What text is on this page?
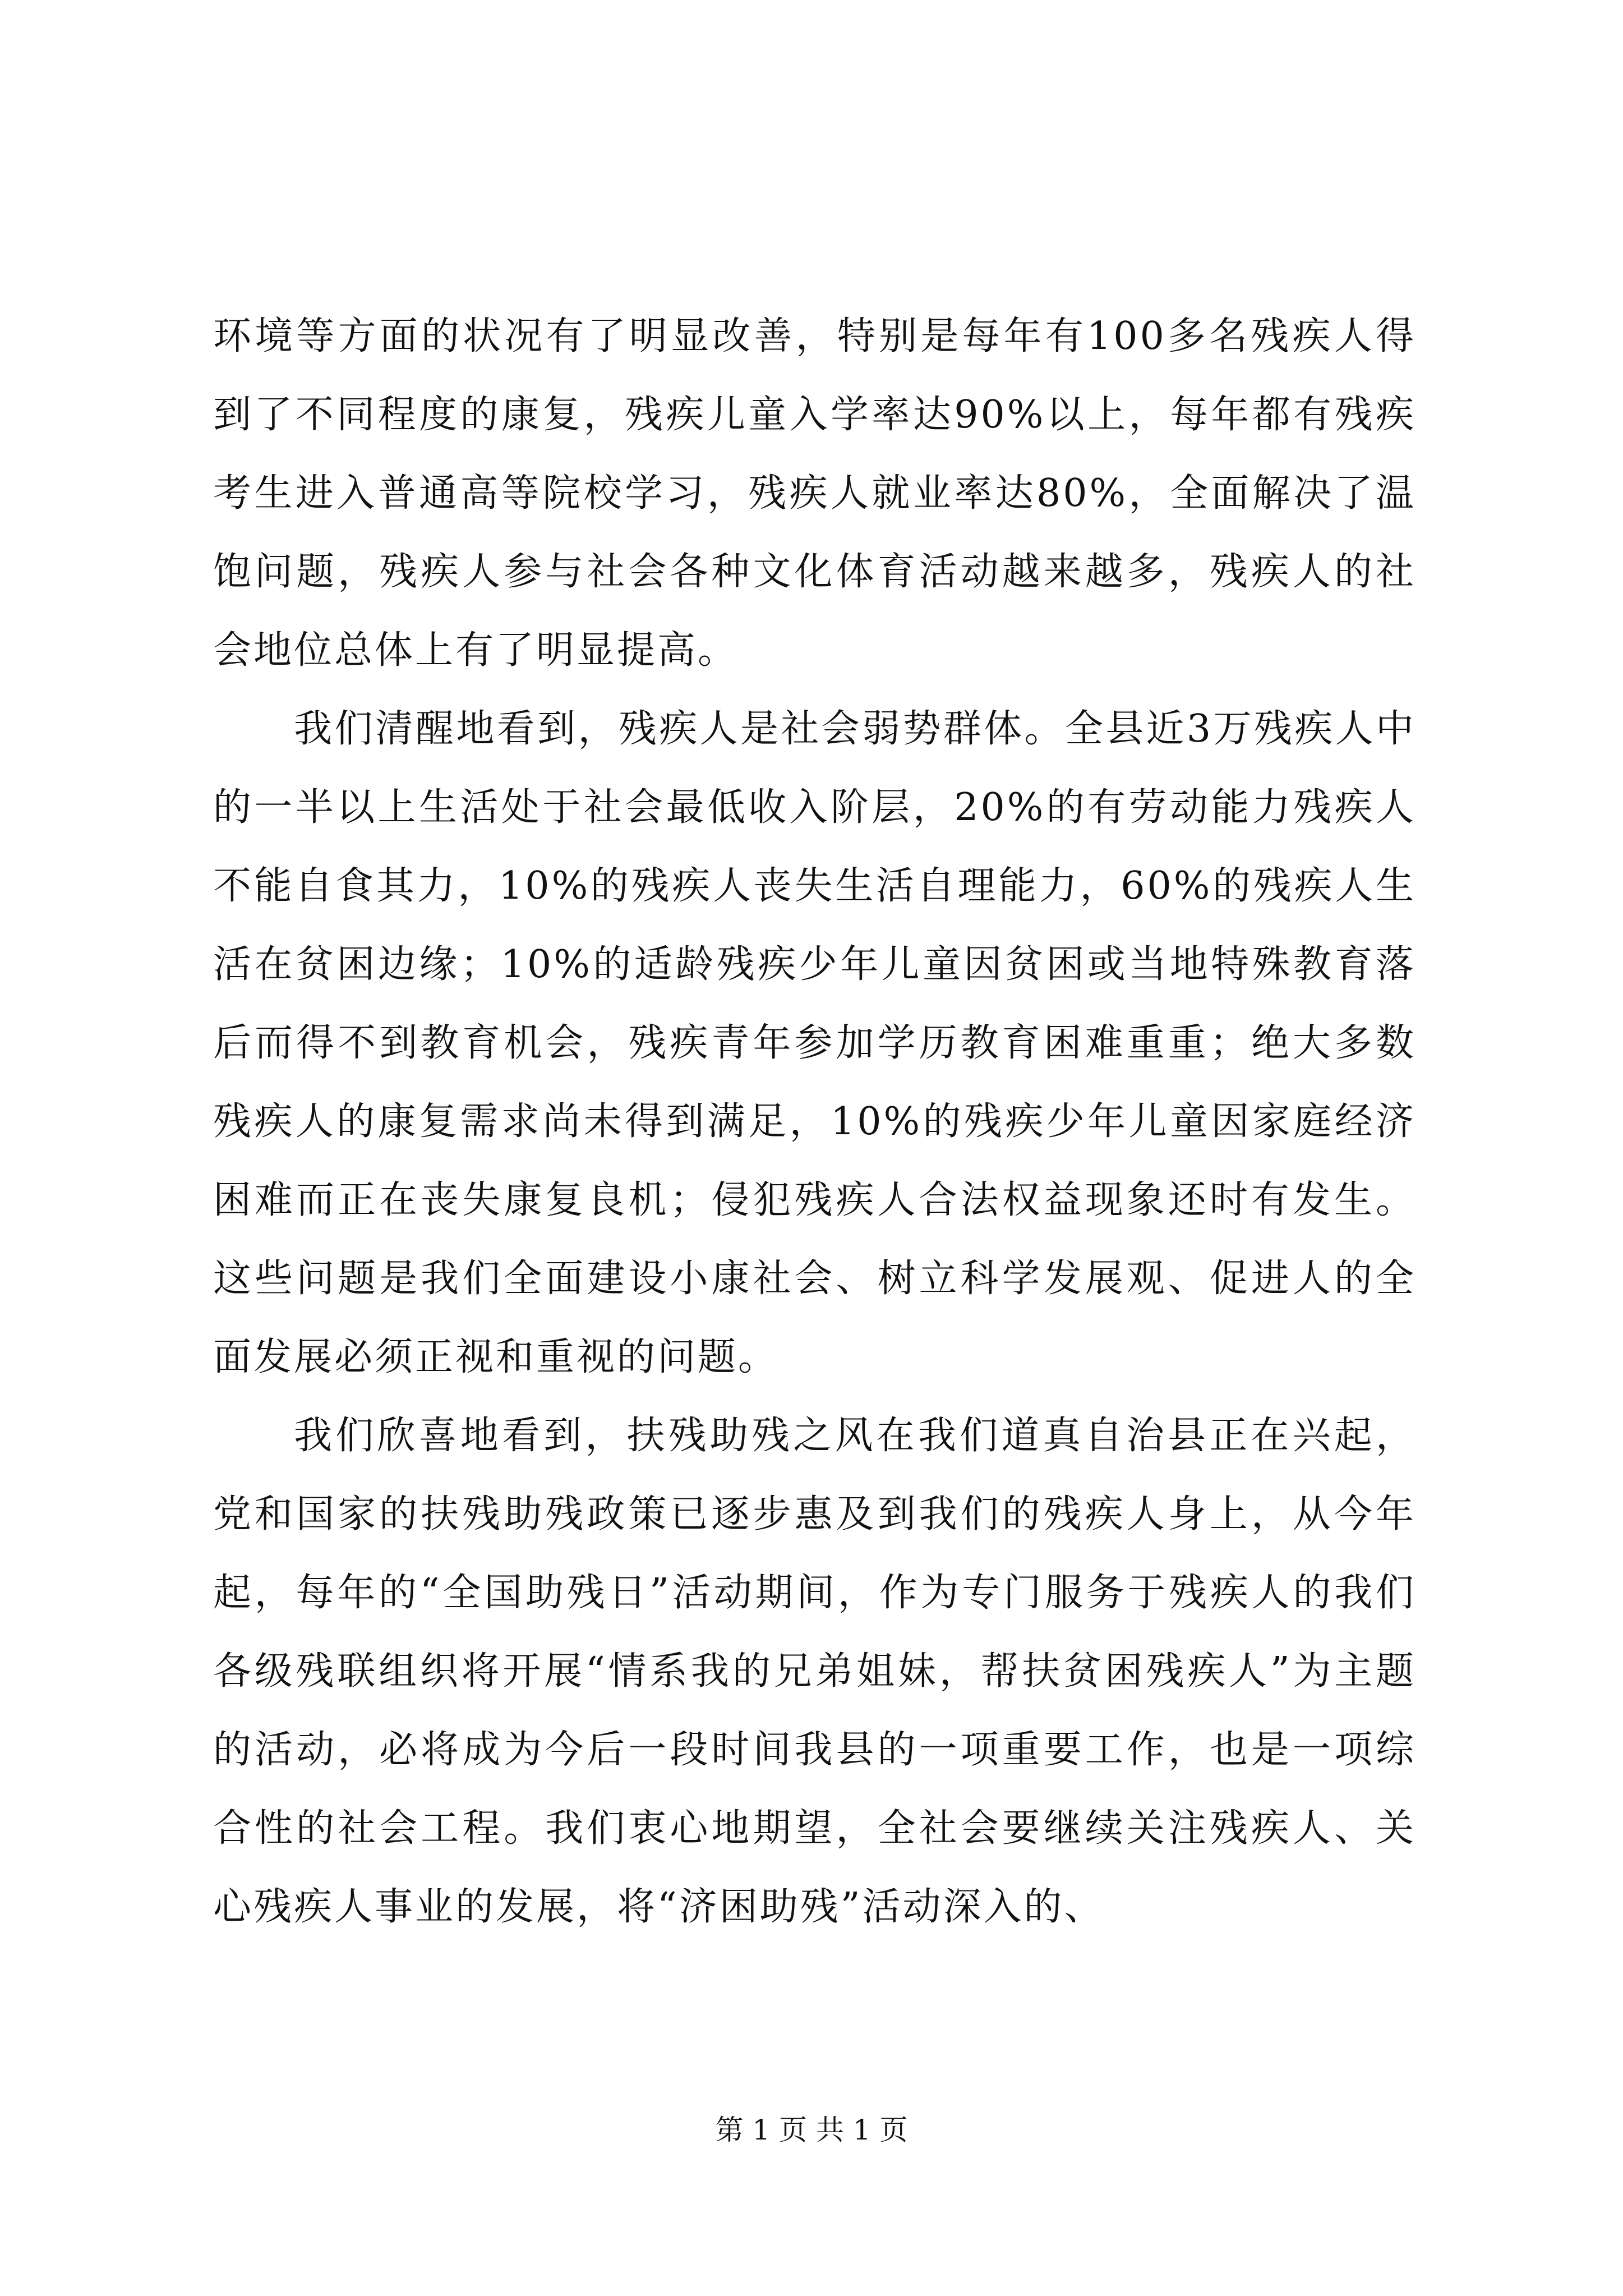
环境等方面的状况有了明显改善，特别是每年有100多名残疾人得到了不同程度的康复，残疾儿童入学率达90%以上，每年都有残疾考生进入普通高等院校学习，残疾人就业率达80%，全面解决了温饱问题，残疾人参与社会各种文化体育活动越来越多，残疾人的社会地位总体上有了明显提高。

我们清醒地看到，残疾人是社会弱势群体。全县近3万残疾人中的一半以上生活处于社会最低收入阶层，20%的有劳动能力残疾人不能自食其力，10%的残疾人丧失生活自理能力，60%的残疾人生活在贫困边缘；10%的适龄残疾少年儿童因贫困或当地特殊教育落后而得不到教育机会，残疾青年参加学历教育困难重重；绝大多数残疾人的康复需求尚未得到满足，10%的残疾少年儿童因家庭经济困难而正在丧失康复良机；侵犯残疾人合法权益现象还时有发生。这些问题是我们全面建设小康社会、树立科学发展观、促进人的全面发展必须正视和重视的问题。

我们欣喜地看到，扶残助残之风在我们道真自治县正在兴起，党和国家的扶残助残政策已逐步惠及到我们的残疾人身上，从今年起，每年的“全国助残日”活动期间，作为专门服务于残疾人的我们各级残联组织将开展“情系我的兄弟姐妹，帮扶贫困残疾人”为主题的活动，必将成为今后一段时间我县的一项重要工作，也是一项综合性的社会工程。我们衷心地期望，全社会要继续关注残疾人、关心残疾人事业的发展，将“济困助残”活动深入的、

第 1 页 共 1 页
